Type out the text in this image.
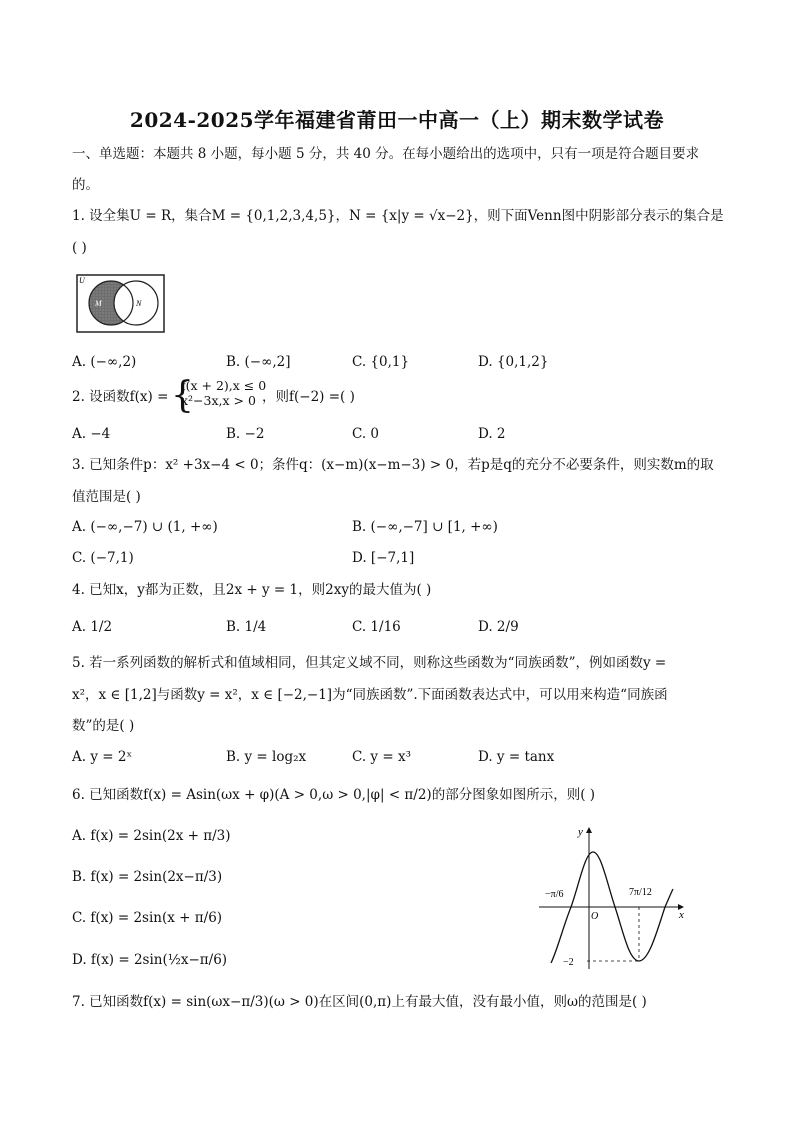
2024-2025学年福建省莆田一中高一（上）期末数学试卷
一、单选题：本题共 8 小题，每小题 5 分，共 40 分。在每小题给出的选项中，只有一项是符合题目要求
的。
1. 设全集U = R，集合M = {0,1,2,3,4,5}，N = {x|y = √x−2}，则下面Venn图中阴影部分表示的集合是
( )
U
M	N
A. (−∞,2)	B. (−∞,2]	C. {0,1}	D. {0,1,2}
2. 设函数f(x) = {
f(x + 2),x ≤ 0
x²−3x,x > 0 ，则f(−2) =( )
A. −4	B. −2	C. 0	D. 2
3. 已知条件p：x² +3x−4 < 0；条件q：(x−m)(x−m−3) > 0，若p是q的充分不必要条件，则实数m的取
值范围是( )
A. (−∞,−7) ∪ (1, +∞)	B. (−∞,−7] ∪ [1, +∞)
C. (−7,1)	D. [−7,1]
4. 已知x，y都为正数，且2x + y = 1，则2xy的最大值为( )
A. 1/2	B. 1/4	C. 1/16	D. 2/9
5. 若一系列函数的解析式和值域相同，但其定义域不同，则称这些函数为“同族函数”，例如函数y =
x²，x ∈ [1,2]与函数y = x²，x ∈ [−2,−1]为“同族函数”.下面函数表达式中，可以用来构造“同族函
数”的是( )
A. y = 2ˣ	B. y = log₂x	C. y = x³	D. y = tanx
6. 已知函数f(x) = Asin(ωx + φ)(A > 0,ω > 0,|φ| < π/2)的部分图象如图所示，则( )
A. f(x) = 2sin(2x + π/3)
B. f(x) = 2sin(2x−π/3)
C. f(x) = 2sin(x + π/6)
D. f(x) = 2sin(½x−π/6)
y
x
O
−π/6	7π/12
−2
7. 已知函数f(x) = sin(ωx−π/3)(ω > 0)在区间(0,π)上有最大值，没有最小值，则ω的范围是( )
